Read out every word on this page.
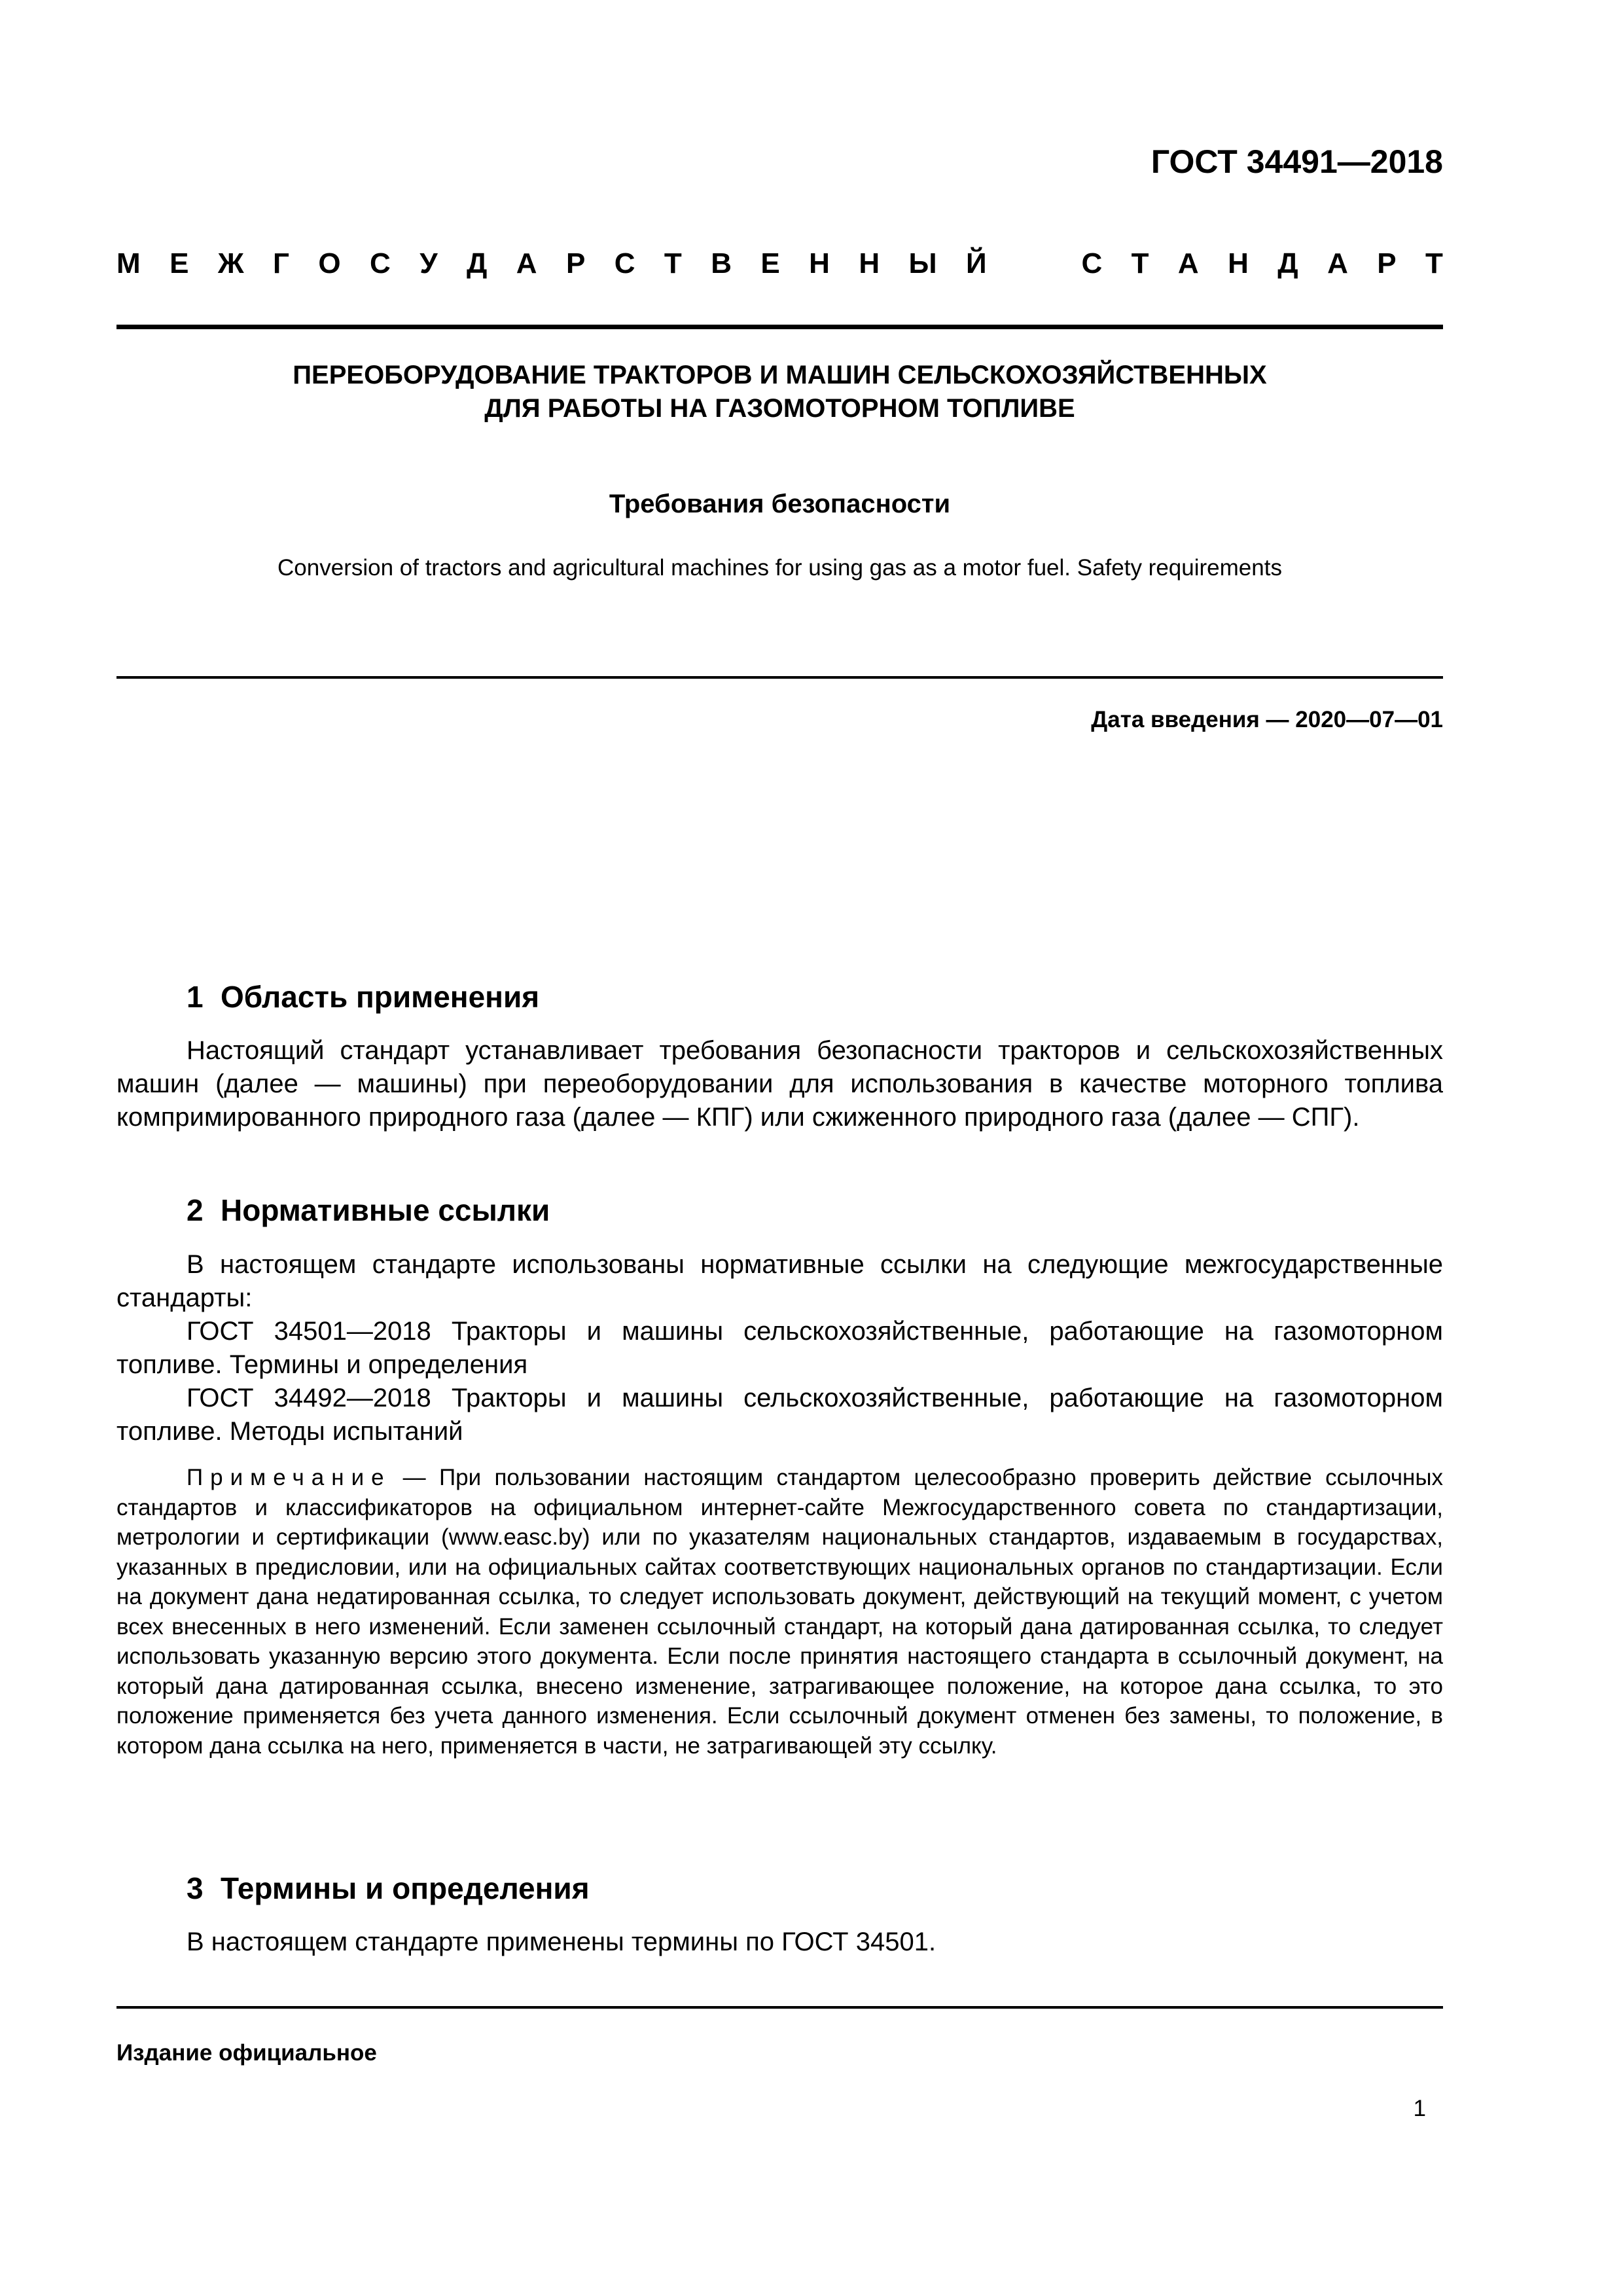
ГОСТ 34491—2018
М Е Ж Г О С У Д А Р С Т В Е Н Н Ы Й	С Т А Н Д А Р Т
ПЕРЕОБОРУДОВАНИЕ ТРАКТОРОВ И МАШИН СЕЛЬСКОХОЗЯЙСТВЕННЫХ
ДЛЯ РАБОТЫ НА ГАЗОМОТОРНОМ ТОПЛИВЕ
Требования безопасности
Conversion of tractors and agricultural machines for using gas as a motor fuel. Safety requirements
Дата введения — 2020—07—01
1 Область применения

Настоящий стандарт устанавливает требования безопасности тракторов и сельскохозяйственных машин (далее — машины) при переоборудовании для использования в качестве моторного топлива компримированного природного газа (далее — КПГ) или сжиженного природного газа (далее — СПГ).

2 Нормативные ссылки

В настоящем стандарте использованы нормативные ссылки на следующие межгосударственные стандарты:

ГОСТ 34501—2018 Тракторы и машины сельскохозяйственные, работающие на газомоторном топливе. Термины и определения

ГОСТ 34492—2018 Тракторы и машины сельскохозяйственные, работающие на газомоторном топливе. Методы испытаний

Примечание — При пользовании настоящим стандартом целесообразно проверить действие ссылочных стандартов и классификаторов на официальном интернет-сайте Межгосударственного совета по стандартизации, метрологии и сертификации (www.easc.by) или по указателям национальных стандартов, издаваемым в государствах, указанных в предисловии, или на официальных сайтах соответствующих национальных органов по стандартизации. Если на документ дана недатированная ссылка, то следует использовать документ, действующий на текущий момент, с учетом всех внесенных в него изменений. Если заменен ссылочный стандарт, на который дана датированная ссылка, то следует использовать указанную версию этого документа. Если после принятия настоящего стандарта в ссылочный документ, на который дана датированная ссылка, внесено изменение, затрагивающее положение, на которое дана ссылка, то это положение применяется без учета данного изменения. Если ссылочный документ отменен без замены, то положение, в котором дана ссылка на него, применяется в части, не затрагивающей эту ссылку.

3 Термины и определения

В настоящем стандарте применены термины по ГОСТ 34501.

Издание официальное
1
